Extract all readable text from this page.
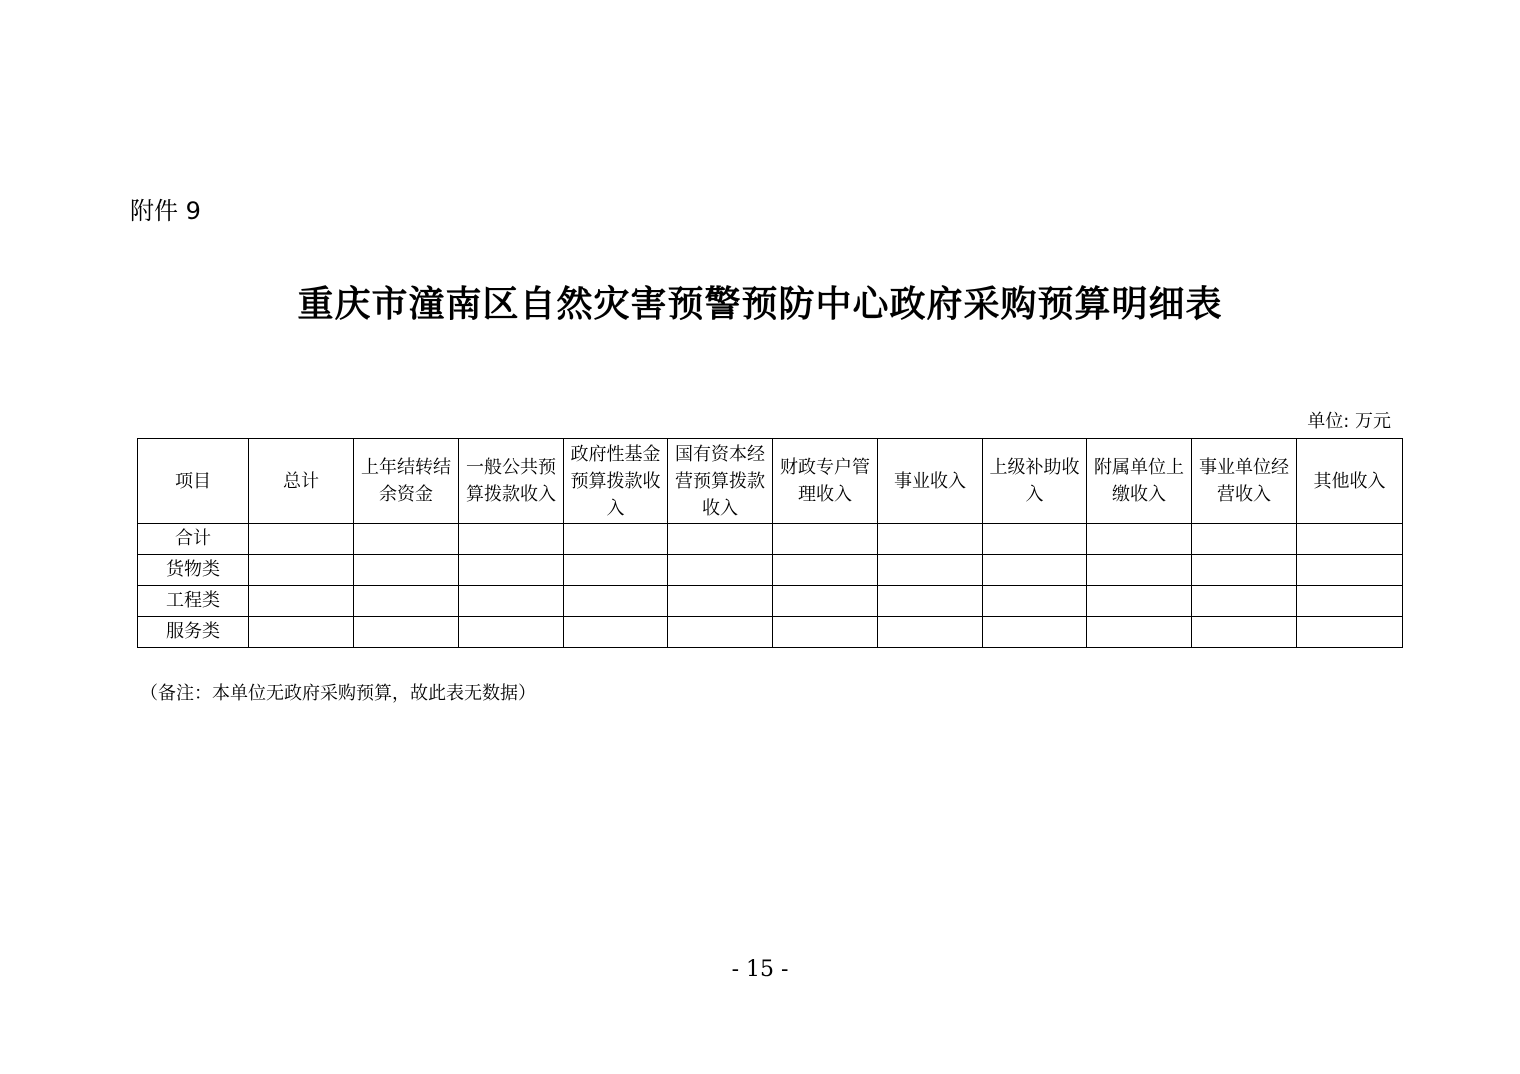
附件 9
重庆市潼南区自然灾害预警预防中心政府采购预算明细表
单位: 万元
项目	总计	上年结转结余资金	一般公共预算拨款收入	政府性基金预算拨款收入	国有资本经营预算拨款收入	财政专户管理收入	事业收入	上级补助收入	附属单位上缴收入	事业单位经营收入	其他收入
合计											
货物类											
工程类											
服务类											
（备注：本单位无政府采购预算，故此表无数据）
- 15 -
